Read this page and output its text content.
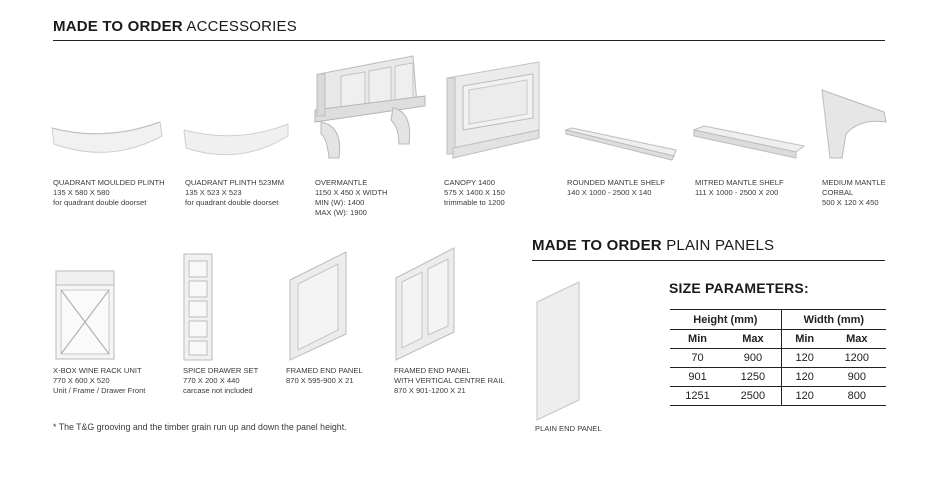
MADE TO ORDER ACCESSORIES
QUADRANT MOULDED PLINTH
135 X 580 X 580
for quadrant double doorset
QUADRANT PLINTH 523MM
135 X 523 X 523
for quadrant double doorset
OVERMANTLE
1150 X 450 X WIDTH
MIN (W): 1400
MAX (W): 1900
CANOPY 1400
575 X 1400 X 150
trimmable to 1200
ROUNDED MANTLE SHELF
140 X 1000 - 2500 X 140
MITRED MANTLE SHELF
111 X 1000 - 2500 X 200
MEDIUM MANTLE
CORBAL
500 X 120 X 450
X-BOX WINE RACK UNIT
770 X 600 X 520
Unit / Frame / Drawer Front
SPICE DRAWER SET
770 X 200 X 440
carcase not included
FRAMED END PANEL
870 X 595-900 X 21
FRAMED END PANEL
WITH VERTICAL CENTRE RAIL
870 X 901-1200 X 21
* The T&G grooving and the timber grain run up and down the panel height.
MADE TO ORDER PLAIN PANELS
PLAIN END PANEL
SIZE PARAMETERS:
Height (mm)		Width (mm)	
Min	Max	Min	Max
70	900	120	1200
901	1250	120	900
1251	2500	120	800
